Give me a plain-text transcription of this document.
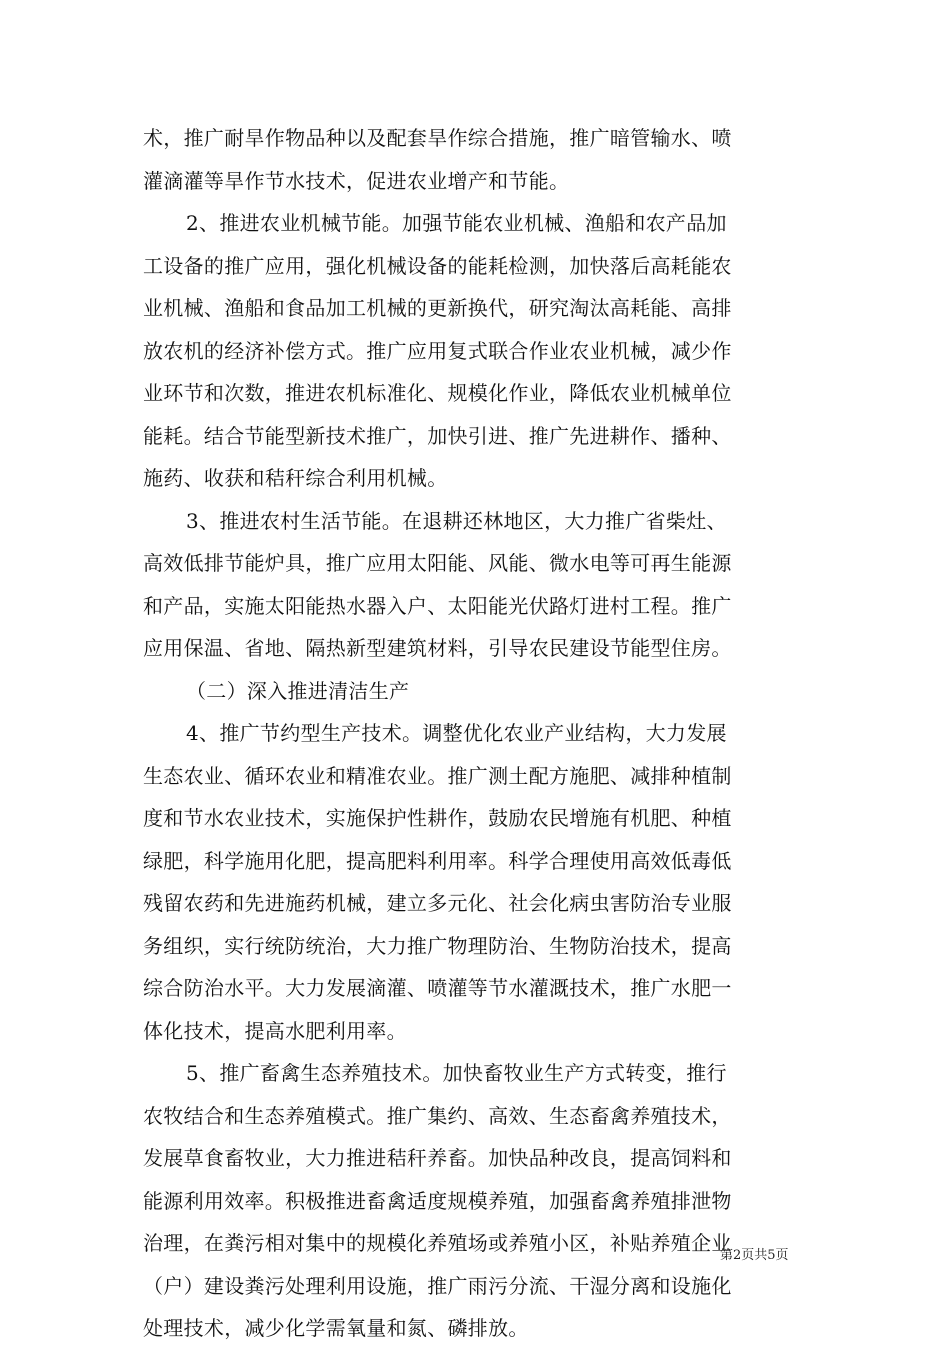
术，推广耐旱作物品种以及配套旱作综合措施，推广暗管输水、喷
灌滴灌等旱作节水技术，促进农业增产和节能。
2、推进农业机械节能。加强节能农业机械、渔船和农产品加
工设备的推广应用，强化机械设备的能耗检测，加快落后高耗能农
业机械、渔船和食品加工机械的更新换代，研究淘汰高耗能、高排
放农机的经济补偿方式。推广应用复式联合作业农业机械，减少作
业环节和次数，推进农机标准化、规模化作业，降低农业机械单位
能耗。结合节能型新技术推广，加快引进、推广先进耕作、播种、
施药、收获和秸秆综合利用机械。
3、推进农村生活节能。在退耕还林地区，大力推广省柴灶、
高效低排节能炉具，推广应用太阳能、风能、微水电等可再生能源
和产品，实施太阳能热水器入户、太阳能光伏路灯进村工程。推广
应用保温、省地、隔热新型建筑材料，引导农民建设节能型住房。
（二）深入推进清洁生产
4、推广节约型生产技术。调整优化农业产业结构，大力发展
生态农业、循环农业和精准农业。推广测土配方施肥、减排种植制
度和节水农业技术，实施保护性耕作，鼓励农民增施有机肥、种植
绿肥，科学施用化肥，提高肥料利用率。科学合理使用高效低毒低
残留农药和先进施药机械，建立多元化、社会化病虫害防治专业服
务组织，实行统防统治，大力推广物理防治、生物防治技术，提高
综合防治水平。大力发展滴灌、喷灌等节水灌溉技术，推广水肥一
体化技术，提高水肥利用率。
5、推广畜禽生态养殖技术。加快畜牧业生产方式转变，推行
农牧结合和生态养殖模式。推广集约、高效、生态畜禽养殖技术，
发展草食畜牧业，大力推进秸秆养畜。加快品种改良，提高饲料和
能源利用效率。积极推进畜禽适度规模养殖，加强畜禽养殖排泄物
治理，在粪污相对集中的规模化养殖场或养殖小区，补贴养殖企业
（户）建设粪污处理利用设施，推广雨污分流、干湿分离和设施化
处理技术，减少化学需氧量和氮、磷排放。
第2页共5页
